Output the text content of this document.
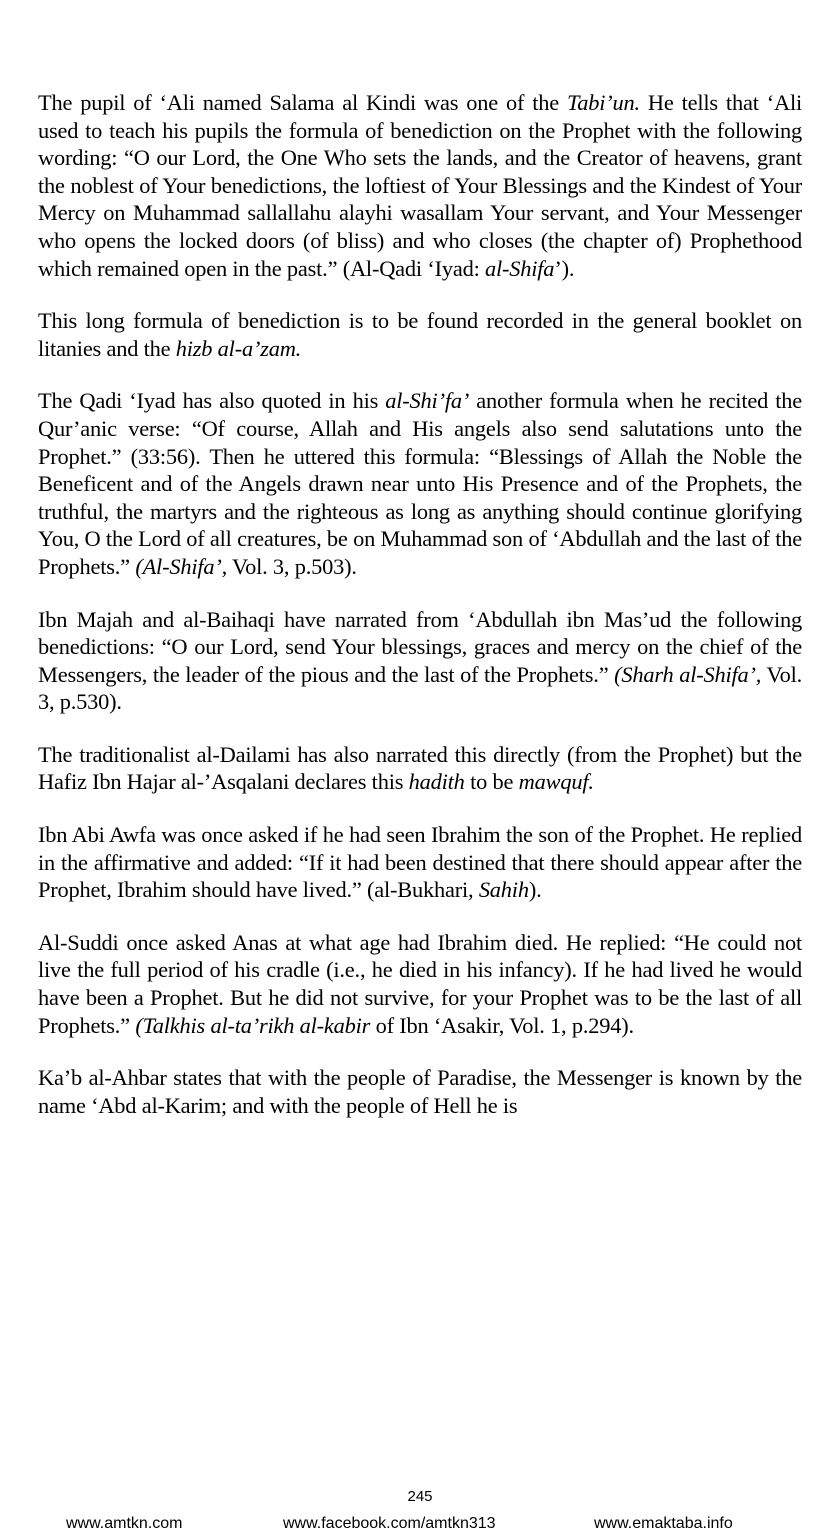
The pupil of ‘Ali named Salama al Kindi was one of the Tabi’un. He tells that ‘Ali used to teach his pupils the formula of benediction on the Prophet with the following wording: “O our Lord, the One Who sets the lands, and the Creator of heavens, grant the noblest of Your benedictions, the loftiest of Your Blessings and the Kindest of Your Mercy on Muhammad sallallahu alayhi wasallam Your servant, and Your Messenger who opens the locked doors (of bliss) and who closes (the chapter of) Prophethood which remained open in the past.” (Al-Qadi ‘Iyad: al-Shifa’).

This long formula of benediction is to be found recorded in the general booklet on litanies and the hizb al-a’zam.

The Qadi ‘Iyad has also quoted in his al-Shi’fa’ another formula when he recited the Qur’anic verse: “Of course, Allah and His angels also send salutations unto the Prophet.” (33:56). Then he uttered this formula: “Blessings of Allah the Noble the Beneficent and of the Angels drawn near unto His Presence and of the Prophets, the truthful, the martyrs and the righteous as long as anything should continue glorifying You, O the Lord of all creatures, be on Muhammad son of ‘Abdullah and the last of the Prophets.” (Al-Shifa’, Vol. 3, p.503).

Ibn Majah and al-Baihaqi have narrated from ‘Abdullah ibn Mas’ud the following benedictions: “O our Lord, send Your blessings, graces and mercy on the chief of the Messengers, the leader of the pious and the last of the Prophets.” (Sharh al-Shifa’, Vol. 3, p.530).

The traditionalist al-Dailami has also narrated this directly (from the Prophet) but the Hafiz Ibn Hajar al-’Asqalani declares this hadith to be mawquf.

Ibn Abi Awfa was once asked if he had seen Ibrahim the son of the Prophet. He replied in the affirmative and added: “If it had been destined that there should appear after the Prophet, Ibrahim should have lived.” (al-Bukhari, Sahih).

Al-Suddi once asked Anas at what age had Ibrahim died. He replied: “He could not live the full period of his cradle (i.e., he died in his infancy). If he had lived he would have been a Prophet. But he did not survive, for your Prophet was to be the last of all Prophets.” (Talkhis al-ta’rikh al-kabir of Ibn ‘Asakir, Vol. 1, p.294).

Ka’b al-Ahbar states that with the people of Paradise, the Messenger is known by the name ‘Abd al-Karim; and with the people of Hell he is

245
www.amtkn.com	www.facebook.com/amtkn313	www.emaktaba.info
